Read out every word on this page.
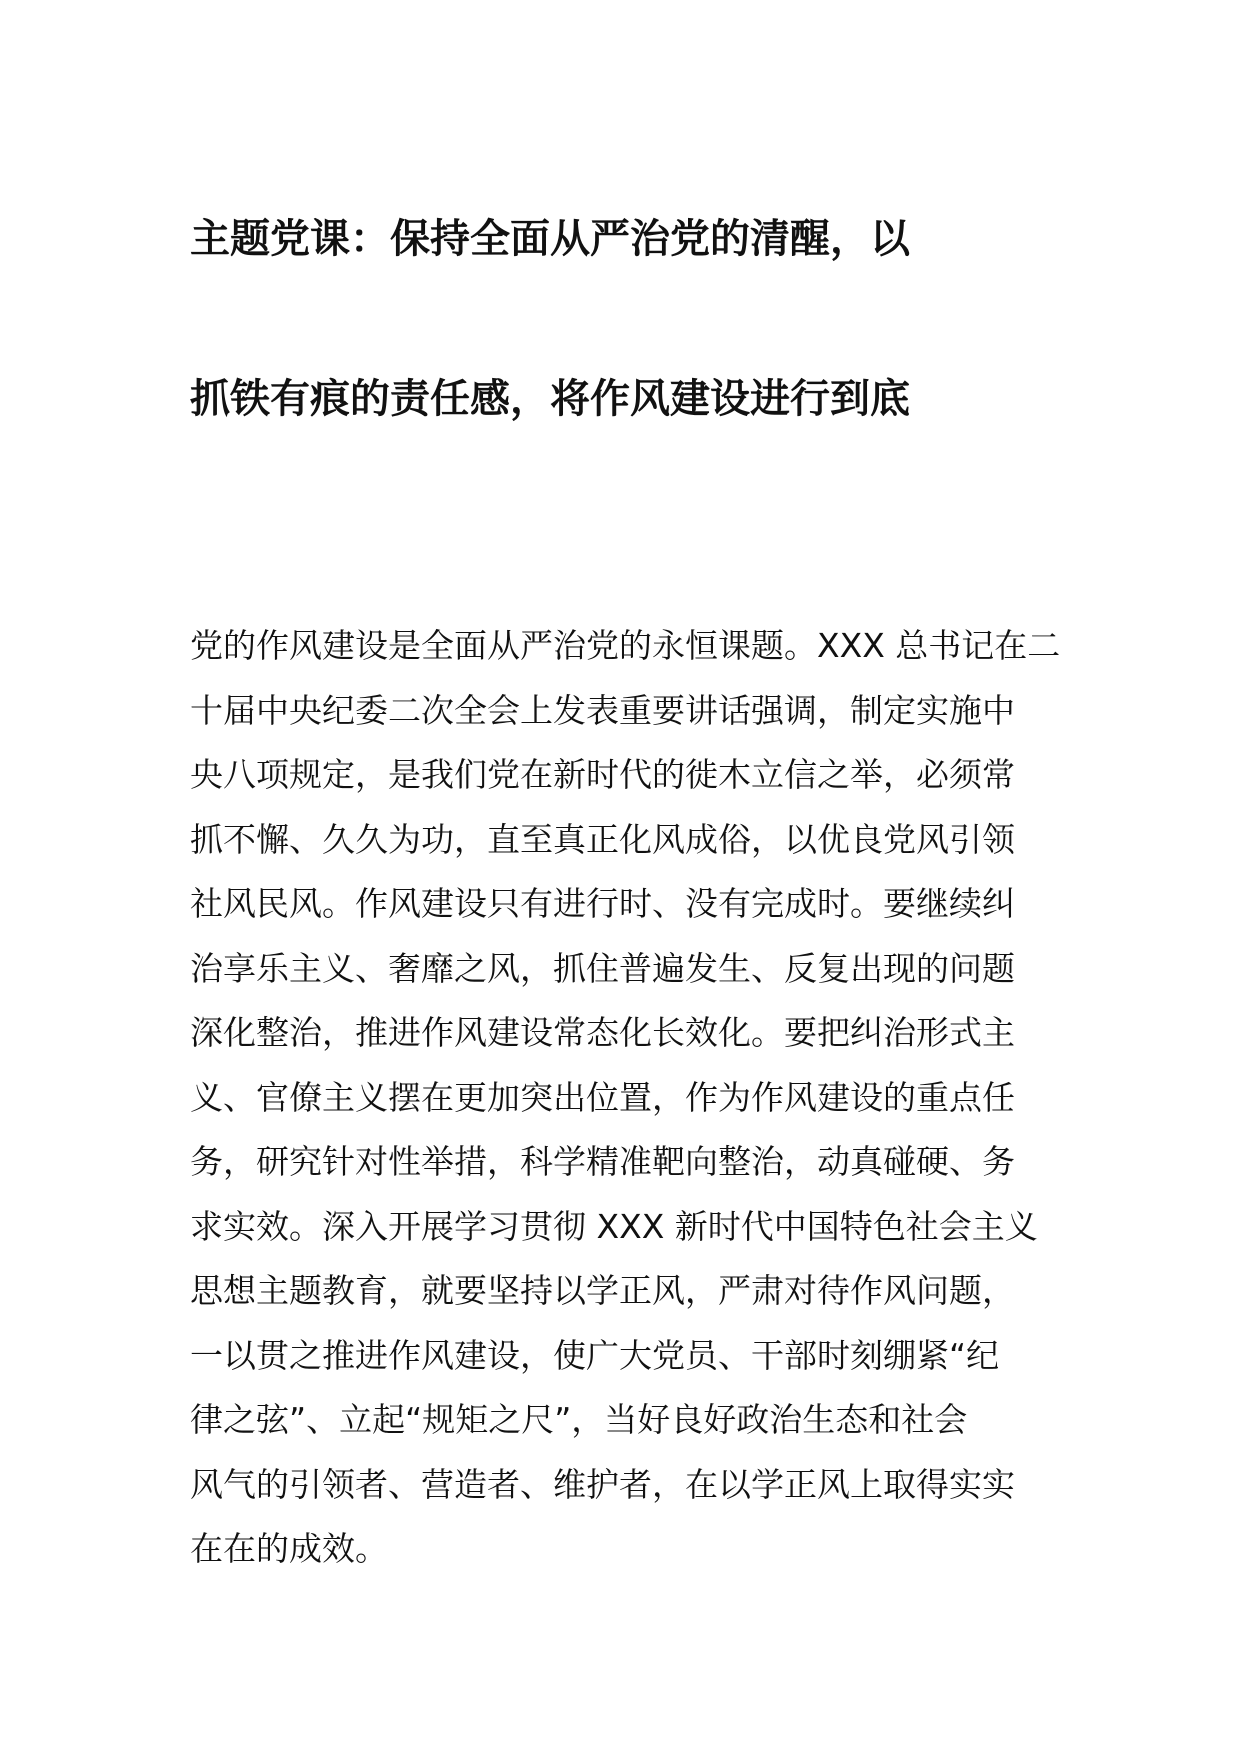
主题党课：保持全面从严治党的清醒，以
抓铁有痕的责任感，将作风建设进行到底
党的作风建设是全面从严治党的永恒课题。XXX 总书记在二
十届中央纪委二次全会上发表重要讲话强调，制定实施中
央八项规定，是我们党在新时代的徙木立信之举，必须常
抓不懈、久久为功，直至真正化风成俗，以优良党风引领
社风民风。作风建设只有进行时、没有完成时。要继续纠
治享乐主义、奢靡之风，抓住普遍发生、反复出现的问题
深化整治，推进作风建设常态化长效化。要把纠治形式主
义、官僚主义摆在更加突出位置，作为作风建设的重点任
务，研究针对性举措，科学精准靶向整治，动真碰硬、务
求实效。深入开展学习贯彻 XXX 新时代中国特色社会主义
思想主题教育，就要坚持以学正风，严肃对待作风问题，
一以贯之推进作风建设，使广大党员、干部时刻绷紧“纪
律之弦”、立起“规矩之尺”，当好良好政治生态和社会
风气的引领者、营造者、维护者，在以学正风上取得实实
在在的成效。
